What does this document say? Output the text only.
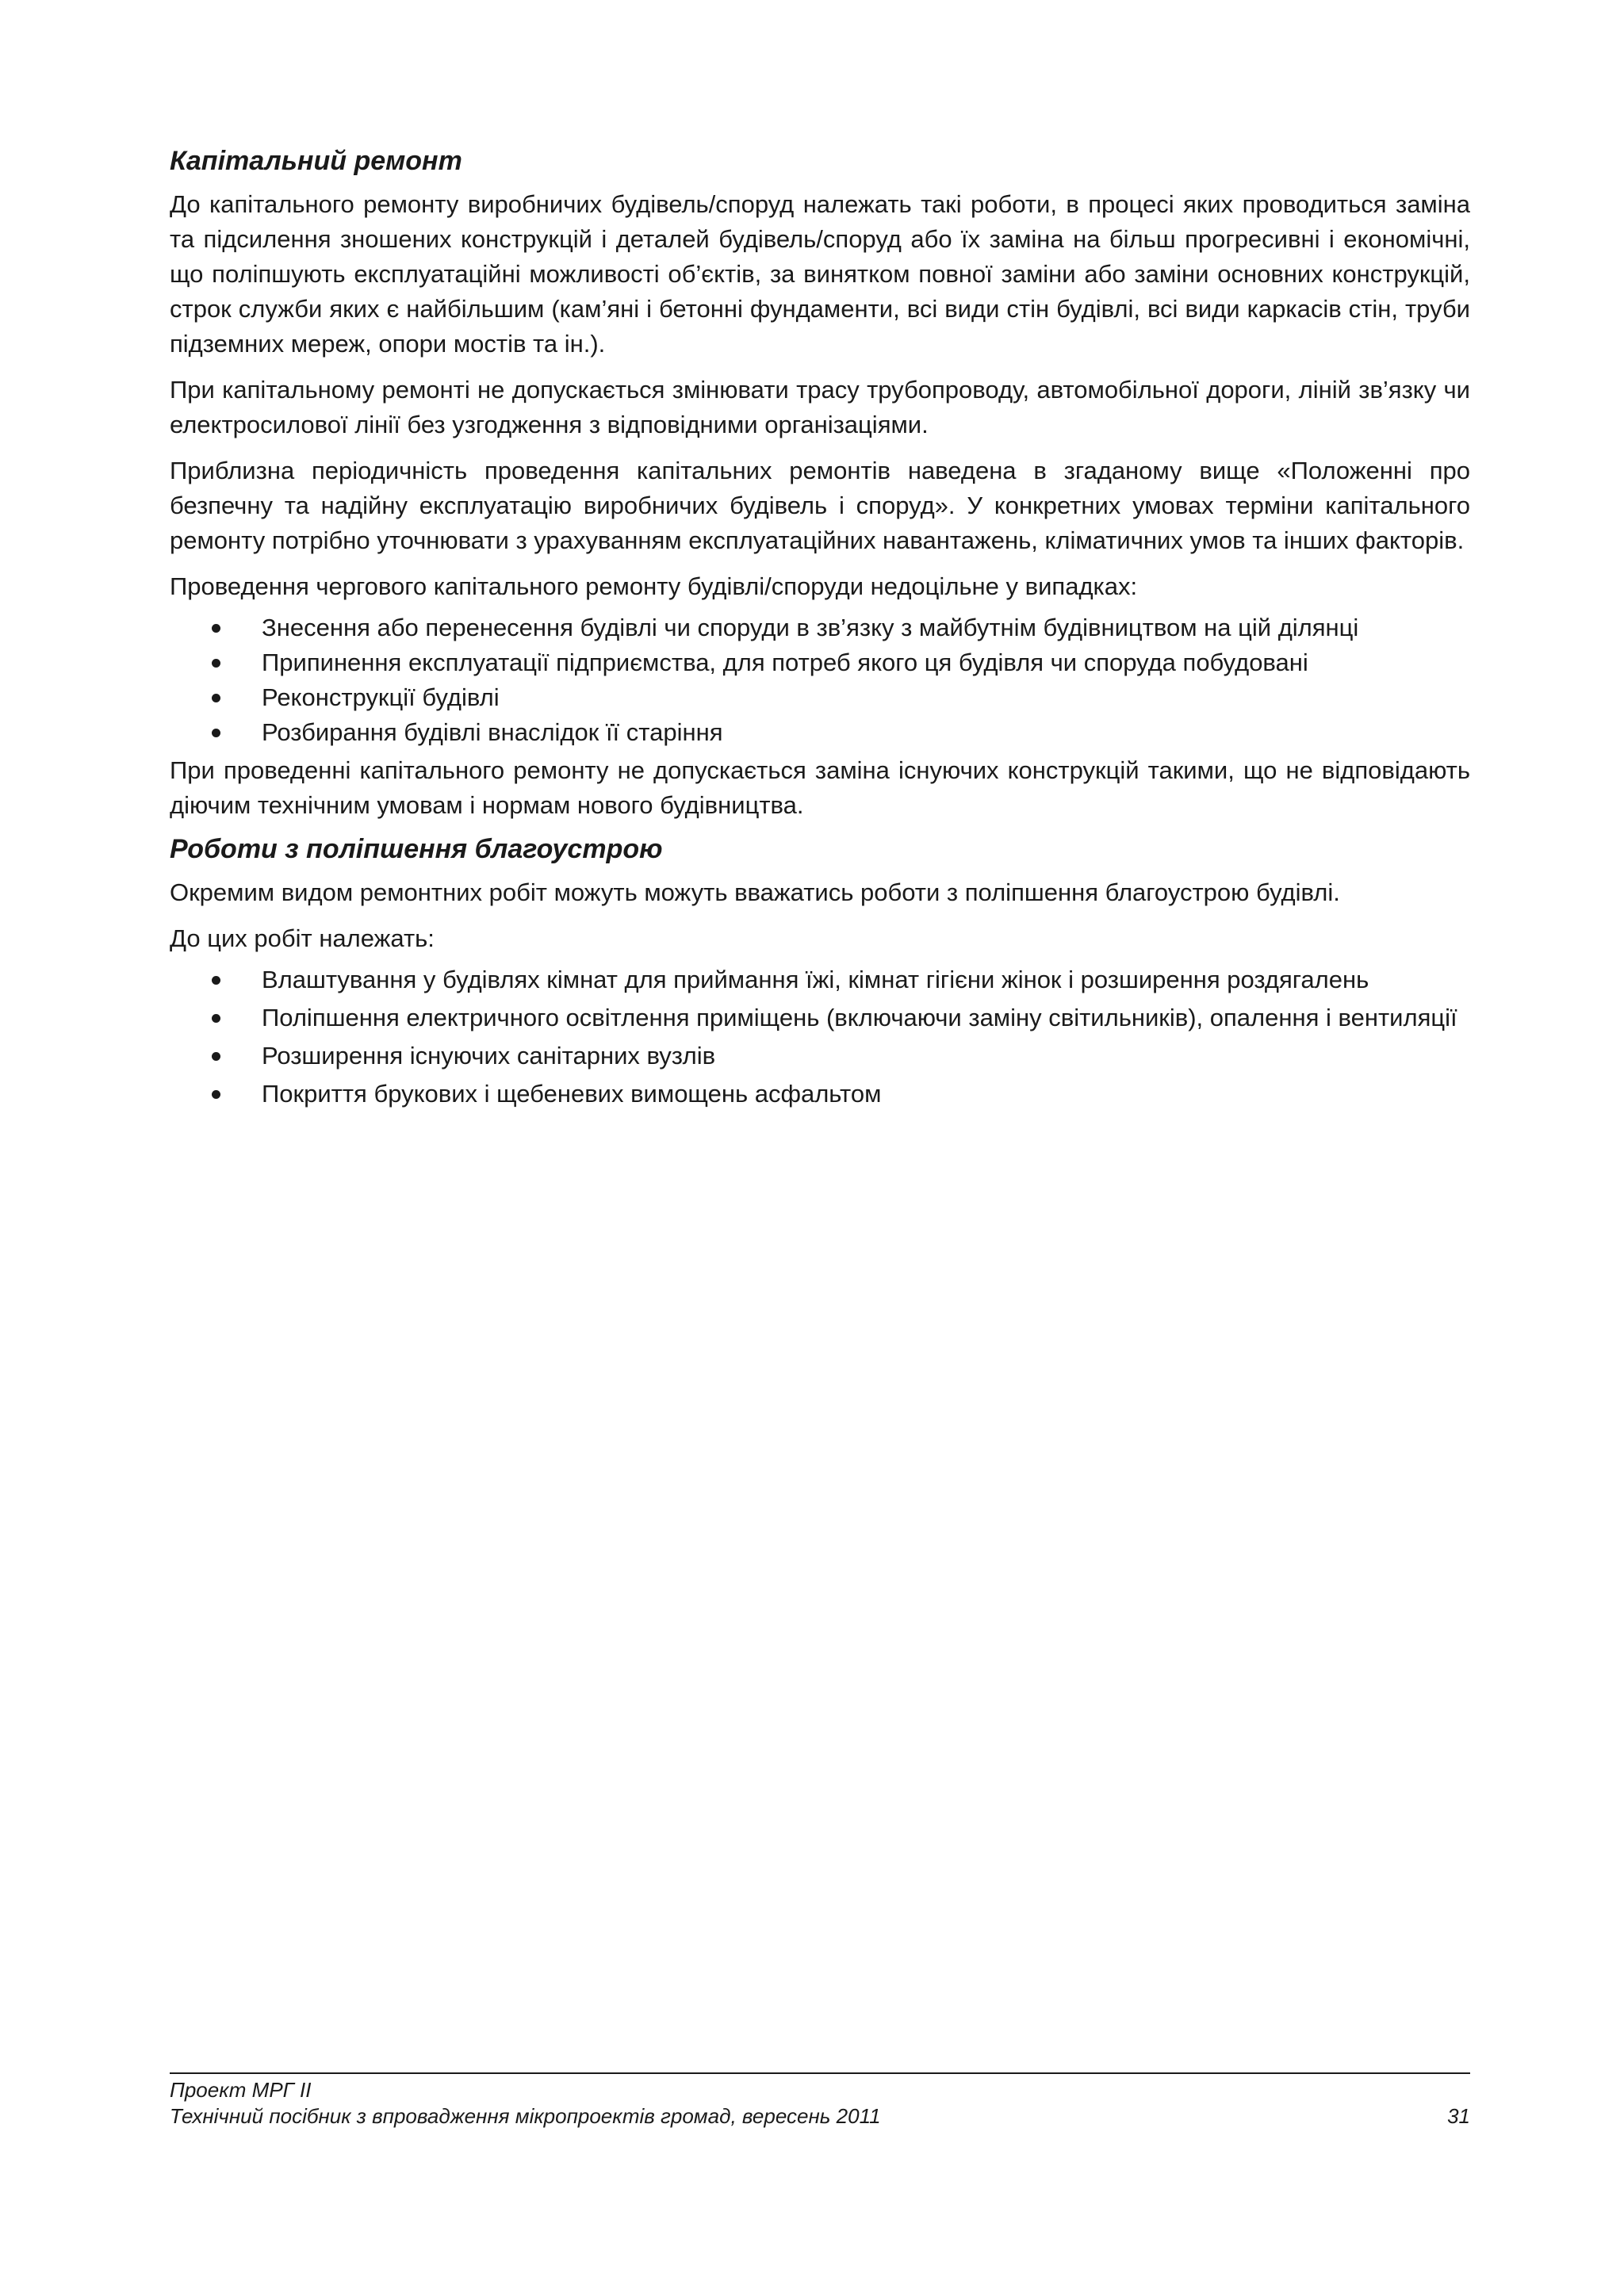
Капітальний ремонт

До капітального ремонту виробничих будівель/споруд належать такі роботи, в процесі яких проводиться заміна та підсилення зношених конструкцій і деталей будівель/споруд або їх заміна на більш прогресивні і економічні, що поліпшують експлуатаційні можливості об’єктів, за винятком повної заміни або заміни основних конструкцій, строк служби яких є найбільшим (кам’яні і бетонні фундаменти, всі види стін будівлі, всі види каркасів стін, труби підземних мереж, опори мостів та ін.).

При капітальному ремонті не допускається змінювати трасу трубопроводу, автомобільної дороги, ліній зв’язку чи електросилової лінії без узгодження з відповідними організаціями.

Приблизна періодичність проведення капітальних ремонтів наведена в згаданому вище «Положенні про безпечну та надійну експлуатацію виробничих будівель і споруд». У конкретних умовах терміни капітального ремонту потрібно уточнювати з урахуванням експлуатаційних навантажень, кліматичних умов та інших факторів.

Проведення чергового капітального ремонту будівлі/споруди недоцільне у випадках:

Знесення або перенесення будівлі чи споруди в зв’язку з майбутнім будівництвом на цій ділянці
Припинення експлуатації підприємства, для потреб якого ця будівля чи споруда побудовані
Реконструкції будівлі
Розбирання будівлі внаслідок її старіння

При проведенні капітального ремонту не допускається заміна існуючих конструкцій такими, що не відповідають діючим технічним умовам і нормам нового будівництва.

Роботи з поліпшення благоустрою

Окремим видом ремонтних робіт можуть можуть вважатись роботи з поліпшення благоустрою будівлі.

До цих робіт належать:

Влаштування у будівлях кімнат для приймання їжі, кімнат гігієни жінок і розширення роздягалень
Поліпшення електричного освітлення приміщень (включаючи заміну світильників), опалення і вентиляції
Розширення існуючих санітарних вузлів
Покриття брукових і щебеневих вимощень асфальтом
Проект МРГ ІІ
Технічний посібник з впровадження мікропроектів громад, вересень 2011	31
